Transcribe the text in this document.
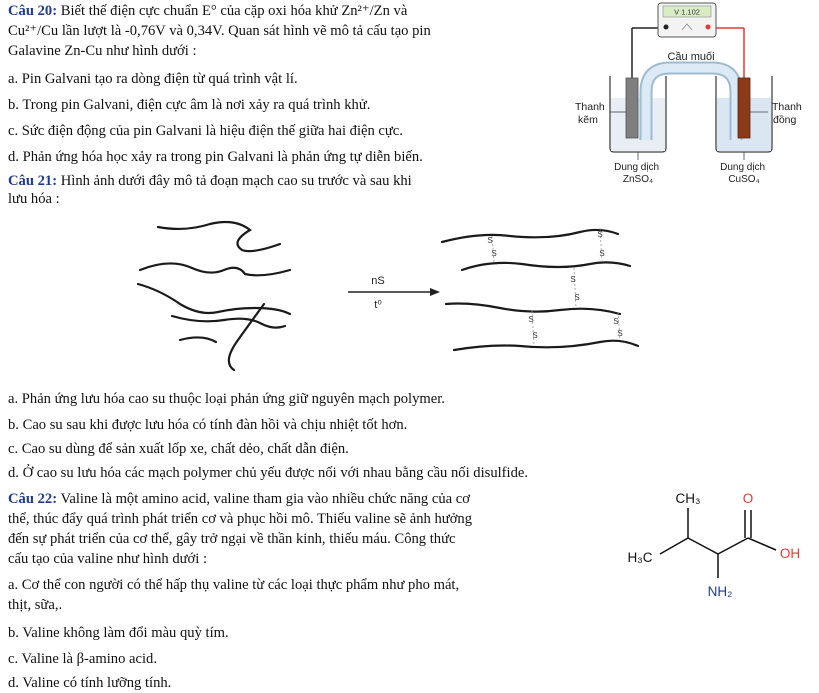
Câu 20: Biết thế điện cực chuẩn E° của cặp oxi hóa khử Zn²⁺/Zn và
Cu²⁺/Cu lần lượt là -0,76V và 0,34V. Quan sát hình vẽ mô tả cấu tạo pin
Galavine Zn-Cu như hình dưới :
a. Pin Galvani tạo ra dòng điện từ quá trình vật lí.
b. Trong pin Galvani, điện cực âm là nơi xảy ra quá trình khử.
c. Sức điện động của pin Galvani là hiệu điện thế giữa hai điện cực.
d. Phản ứng hóa học xảy ra trong pin Galvani là phản ứng tự diễn biến.
V 1.102
Cầu muối
Thanh kẽm
Thanh đồng
Dung dịch ZnSO₄
Dung dịch CuSO₄
Câu 21: Hình ảnh dưới đây mô tả đoạn mạch cao su trước và sau khi
lưu hóa :
nS
t⁰
S
S
S
S
S
S
S
S
S
S
a. Phản ứng lưu hóa cao su thuộc loại phản ứng giữ nguyên mạch polymer.
b. Cao su sau khi được lưu hóa có tính đàn hồi và chịu nhiệt tốt hơn.
c. Cao su dùng để sản xuất lốp xe, chất dẻo, chất dẫn điện.
d. Ở cao su lưu hóa các mạch polymer chủ yếu được nối với nhau bằng cầu nối disulfide.
Câu 22: Valine là một amino acid, valine tham gia vào nhiều chức năng của cơ
thể, thúc đẩy quá trình phát triển cơ và phục hồi mô. Thiếu valine sẽ ảnh hưởng
đến sự phát triển của cơ thể, gây trở ngại về thần kinh, thiếu máu. Công thức
cấu tạo của valine như hình dưới :
a. Cơ thể con người có thể hấp thụ valine từ các loại thực phẩm như pho mát,
thịt, sữa,.
b. Valine không làm đổi màu quỳ tím.
c. Valine là β-amino acid.
d. Valine có tính lưỡng tính.
CH₃	O
H₃C	OH
NH₂
